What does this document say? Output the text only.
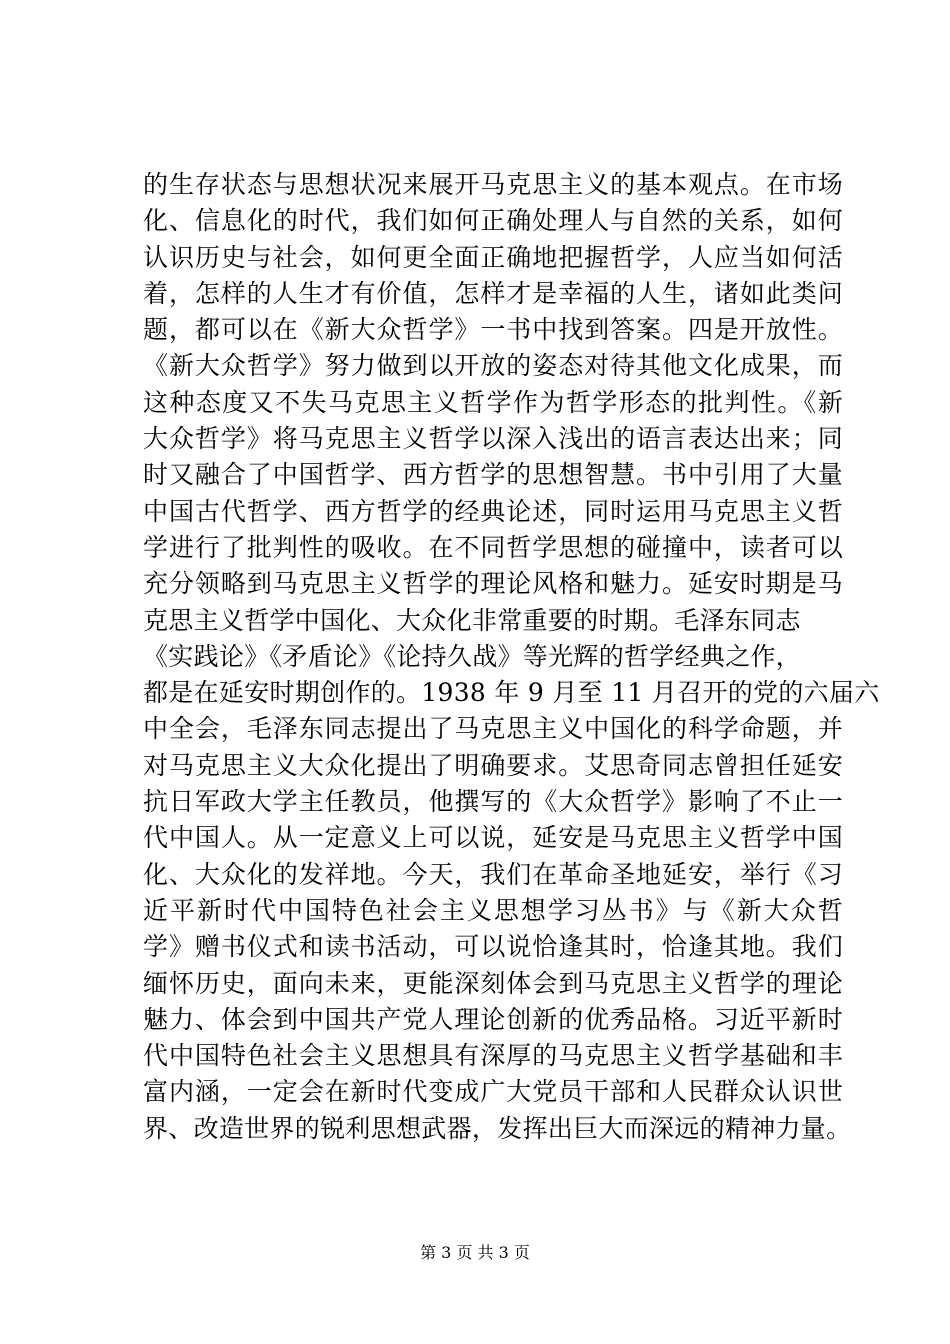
的生存状态与思想状况来展开马克思主义的基本观点。在市场
化、信息化的时代，我们如何正确处理人与自然的关系，如何
认识历史与社会，如何更全面正确地把握哲学，人应当如何活
着，怎样的人生才有价值，怎样才是幸福的人生，诸如此类问
题，都可以在《新大众哲学》一书中找到答案。四是开放性。
《新大众哲学》努力做到以开放的姿态对待其他文化成果，而
这种态度又不失马克思主义哲学作为哲学形态的批判性。《新
大众哲学》将马克思主义哲学以深入浅出的语言表达出来；同
时又融合了中国哲学、西方哲学的思想智慧。书中引用了大量
中国古代哲学、西方哲学的经典论述，同时运用马克思主义哲
学进行了批判性的吸收。在不同哲学思想的碰撞中，读者可以
充分领略到马克思主义哲学的理论风格和魅力。延安时期是马
克思主义哲学中国化、大众化非常重要的时期。毛泽东同志
《实践论》《矛盾论》《论持久战》等光辉的哲学经典之作，
都是在延安时期创作的。1938 年 9 月至 11 月召开的党的六届六
中全会，毛泽东同志提出了马克思主义中国化的科学命题，并
对马克思主义大众化提出了明确要求。艾思奇同志曾担任延安
抗日军政大学主任教员，他撰写的《大众哲学》影响了不止一
代中国人。从一定意义上可以说，延安是马克思主义哲学中国
化、大众化的发祥地。今天，我们在革命圣地延安，举行《习
近平新时代中国特色社会主义思想学习丛书》与《新大众哲
学》赠书仪式和读书活动，可以说恰逢其时，恰逢其地。我们
缅怀历史，面向未来，更能深刻体会到马克思主义哲学的理论
魅力、体会到中国共产党人理论创新的优秀品格。习近平新时
代中国特色社会主义思想具有深厚的马克思主义哲学基础和丰
富内涵，一定会在新时代变成广大党员干部和人民群众认识世
界、改造世界的锐利思想武器，发挥出巨大而深远的精神力量。
第 3 页 共 3 页
